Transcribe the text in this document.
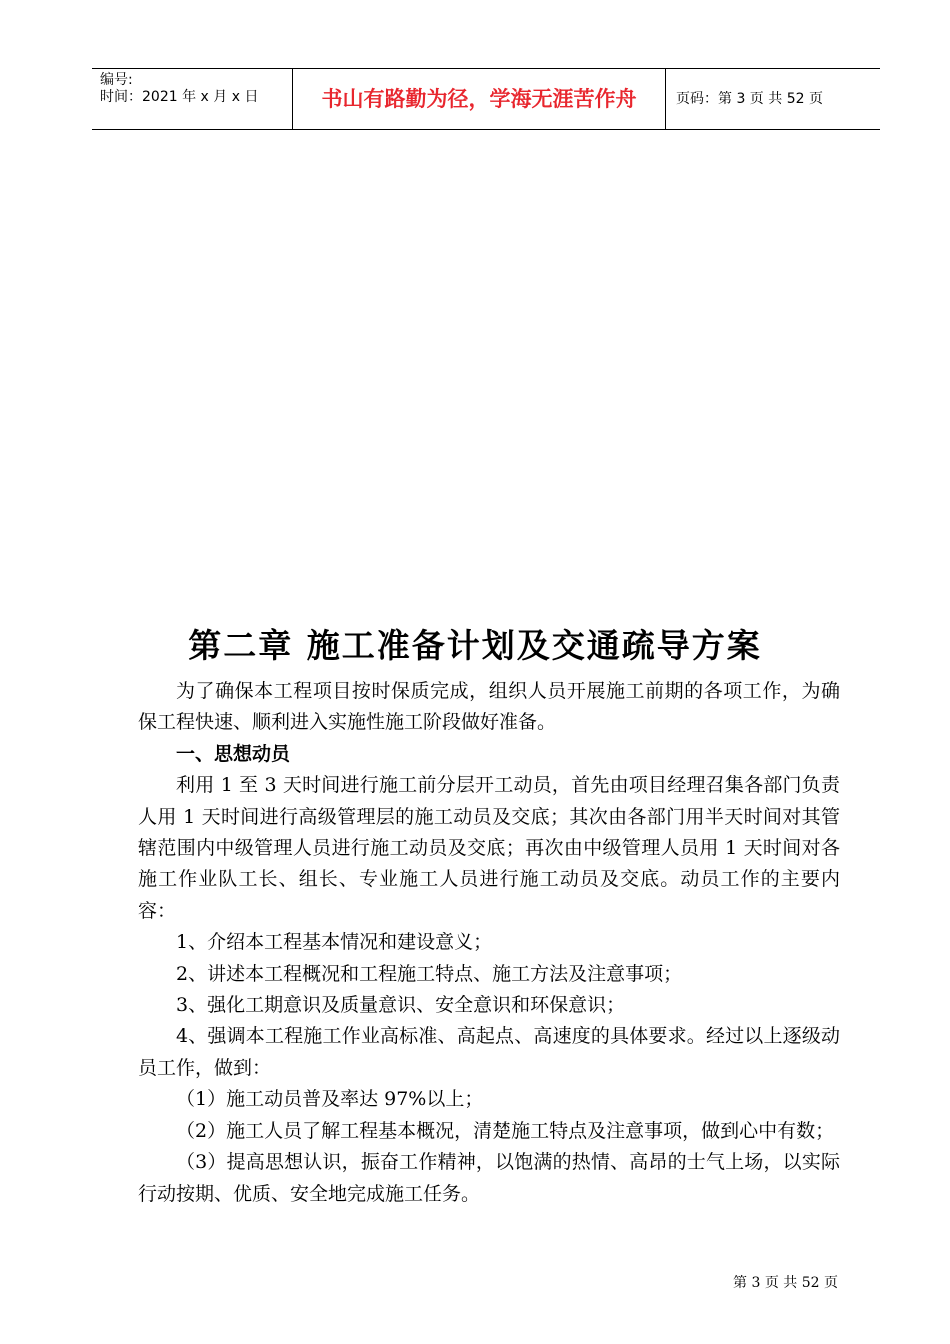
编号:
时间：2021 年 x 月 x 日	书山有路勤为径，学海无涯苦作舟	页码：第 3 页 共 52 页
第二章 施工准备计划及交通疏导方案

为了确保本工程项目按时保质完成，组织人员开展施工前期的各项工作，为确保工程快速、顺利进入实施性施工阶段做好准备。

一、思想动员

利用 1 至 3 天时间进行施工前分层开工动员，首先由项目经理召集各部门负责人用 1 天时间进行高级管理层的施工动员及交底；其次由各部门用半天时间对其管辖范围内中级管理人员进行施工动员及交底；再次由中级管理人员用 1 天时间对各施工作业队工长、组长、专业施工人员进行施工动员及交底。动员工作的主要内容：

1、介绍本工程基本情况和建设意义；

2、讲述本工程概况和工程施工特点、施工方法及注意事项；

3、强化工期意识及质量意识、安全意识和环保意识；

4、强调本工程施工作业高标准、高起点、高速度的具体要求。经过以上逐级动员工作，做到：

（1）施工动员普及率达 97%以上；

（2）施工人员了解工程基本概况，清楚施工特点及注意事项，做到心中有数；

（3）提高思想认识，振奋工作精神，以饱满的热情、高昂的士气上场，以实际行动按期、优质、安全地完成施工任务。

第 3 页 共 52 页
